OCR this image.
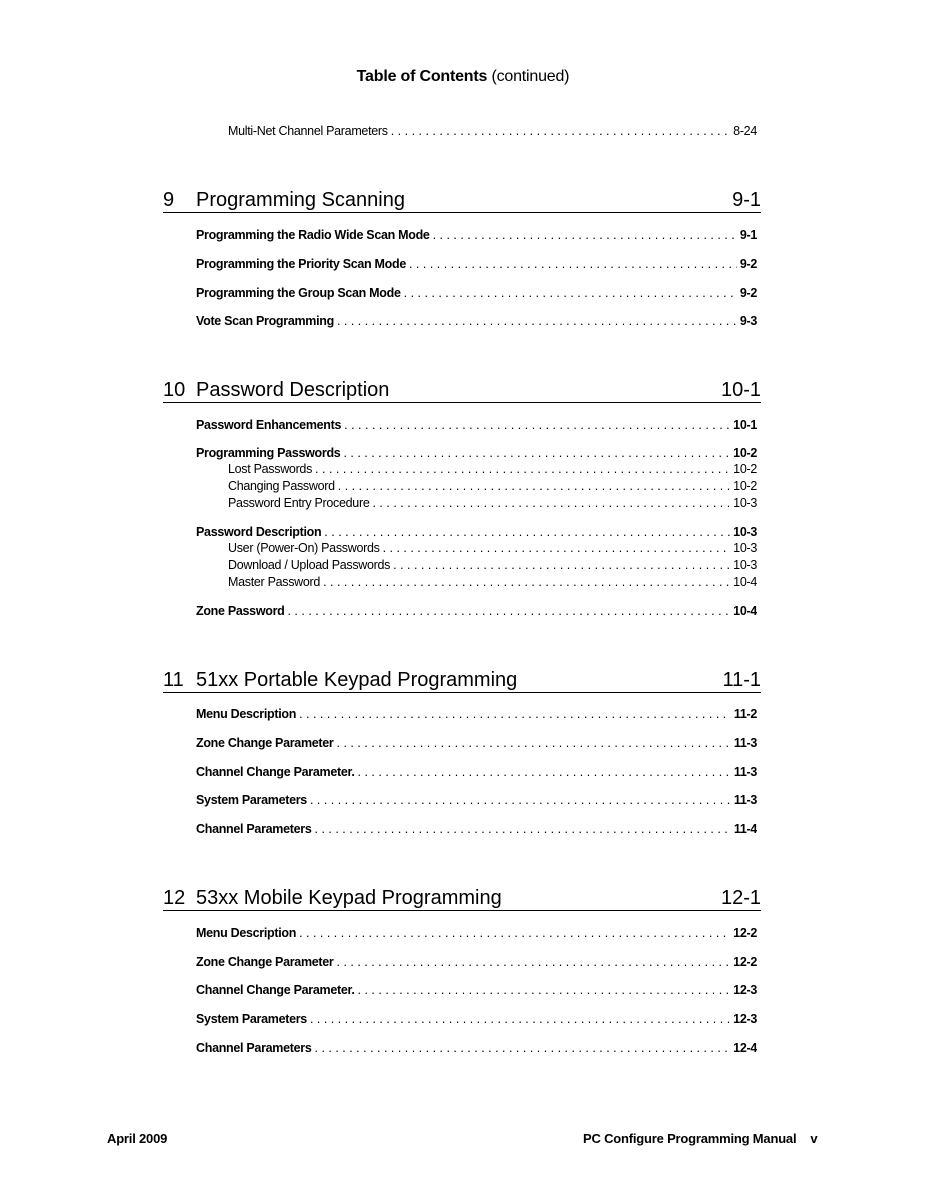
Table of Contents (continued)
Multi-Net Channel Parameters . . .	8-24
9	Programming Scanning	9-1
Programming the Radio Wide Scan Mode . . .	9-1
Programming the Priority Scan Mode . . .	9-2
Programming the Group Scan Mode . . .	9-2
Vote Scan Programming . . .	9-3
10 Password Description	10-1
Password Enhancements . . .	10-1
Programming Passwords . . .	10-2
Lost Passwords . . .	10-2
Changing Password . . .	10-2
Password Entry Procedure . . .	10-3
Password Description . . .	10-3
User (Power-On) Passwords . . .	10-3
Download / Upload Passwords . . .	10-3
Master Password . . .	10-4
Zone Password . . .	10-4
11 51xx Portable Keypad Programming	11-1
Menu Description . . .	11-2
Zone Change Parameter . . .	11-3
Channel Change Parameter. . . .	11-3
System Parameters . . .	11-3
Channel Parameters . . .	11-4
12 53xx Mobile Keypad Programming	12-1
Menu Description . . .	12-2
Zone Change Parameter . . .	12-2
Channel Change Parameter. . . .	12-3
System Parameters . . .	12-3
Channel Parameters . . .	12-4
April 2009	PC Configure Programming Manual v
